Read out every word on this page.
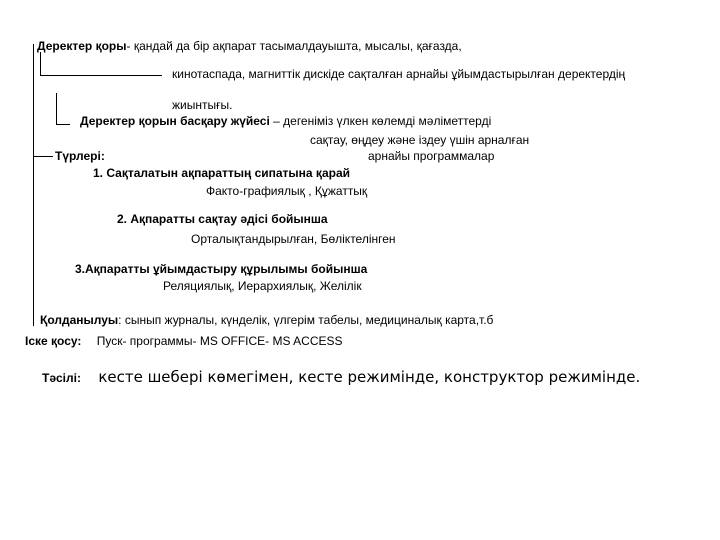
Деректер қоры- қандай да бір ақпарат тасымалдауышта, мысалы, қағазда,
кинотаспада, магниттік дискіде сақталған арнайы ұйымдастырылған деректердің
жиынтығы.
Деректер қорын басқару жүйесі – дегеніміз үлкен көлемді мәліметтерді
сақтау, өңдеу және іздеу үшін арналған
арнайы программалар
Түрлері:
1. Сақталатын ақпараттың сипатына қарай
Факто-графиялық , Құжаттық
2. Ақпаратты сақтау әдісі бойынша
Орталықтандырылған, Бөліктелінген
3.Ақпаратты ұйымдастыру құрылымы бойынша
Реляциялық, Иерархиялық, Желілік
Қолданылуы: сынып журналы, күнделік, үлгерім табелы, медициналық карта,т.б
Іске қосу: Пуск- программы- MS OFFICE- MS ACCESS
Тәсілі: кесте шебері көмегімен, кесте режимінде, конструктор режимінде.
